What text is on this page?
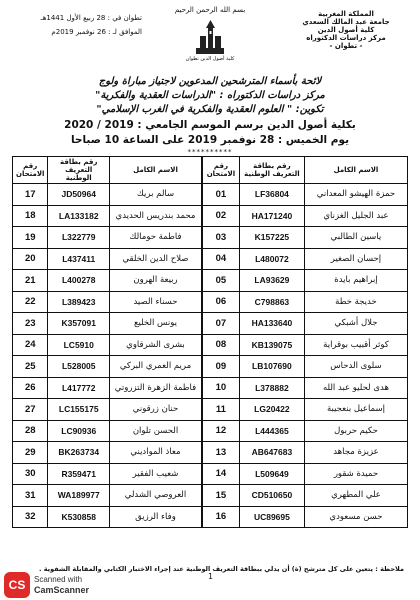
المملكة المغربية
جامعة عبد المالك السعدي
كلية أصول الدين
مركز دراسات الدكتوراه
- تطوان -
تطوان في : 28 ربيع الأول 1441هـ
الموافق لـ : 26 نوفمبر 2019م
بسم الله الرحمن الرحيم
كلية أصول الدين تطوان
لائحة بأسماء المترشحين المدعوين لاجتياز مباراة ولوج
مركز دراسات الدكتوراه : "الدراسات العقدية والفكرية"
تكوين: " العلوم العقدية والفكرية في الغرب الإسلامي"
بكلية أصول الدين برسم الموسم الجامعي : 2019 / 2020
يوم الخميس : 28 نوفمبر 2019 على الساعة 10 صباحا
**********
الاسم الكامل	رقم بطاقة التعريف الوطنية	رقم الامتحان
حمزة الهيشو المعداني	LF36804	01
عبد الجليل الغزناي	HA171240	02
ياسين الطالبي	K157225	03
إحسان الصغير	L480072	04
إبراهيم بايدة	LA93629	05
خديجة خطة	C798863	06
جلال أشبكي	HA133640	07
كوثر أقبيب بوقراية	KB139075	08
سلوى الدحاس	LB107690	09
هدى لحليو عبد الله	L378882	10
إسماعيل بنعجيبة	LG20422	11
حكيم حربول	L444365	12
عزيزة مجاهد	AB647683	13
حميدة شقور	L509649	14
علي المطهري	CD510650	15
حسن مسعودي	UC89695	16
الاسم الكامل	رقم بطاقة التعريف الوطنية	رقم الامتحان
سالم بريك	JD50964	17
محمد بندريس الحديدي	LA133182	18
فاطمة حومالك	L322779	19
صلاح الدين الخلقي	L437411	20
ربيعة الهرون	L400278	21
حسناء الصيد	L389423	22
يونس الخليع	K357091	23
بشرى الشرقاوي	LC5910	24
مريم العمري البركي	L528005	25
فاطمة الزهرة التزروتي	L417772	26
حنان زرقوني	LC155175	27
الحسن تلوان	LC90936	28
معاذ المواديني	BK263734	29
شعيب الفقير	R359471	30
العروصي الشدلي	WA189977	31
وفاء الرزيق	K530858	32
ملاحظة : يتعين على كل مترشح (ة) أن يدلي ببطاقة التعريف الوطنية عند إجراء الاختبار الكتابي والمقابلة الشفوية .
1
CS	Scanned with
CamScanner
